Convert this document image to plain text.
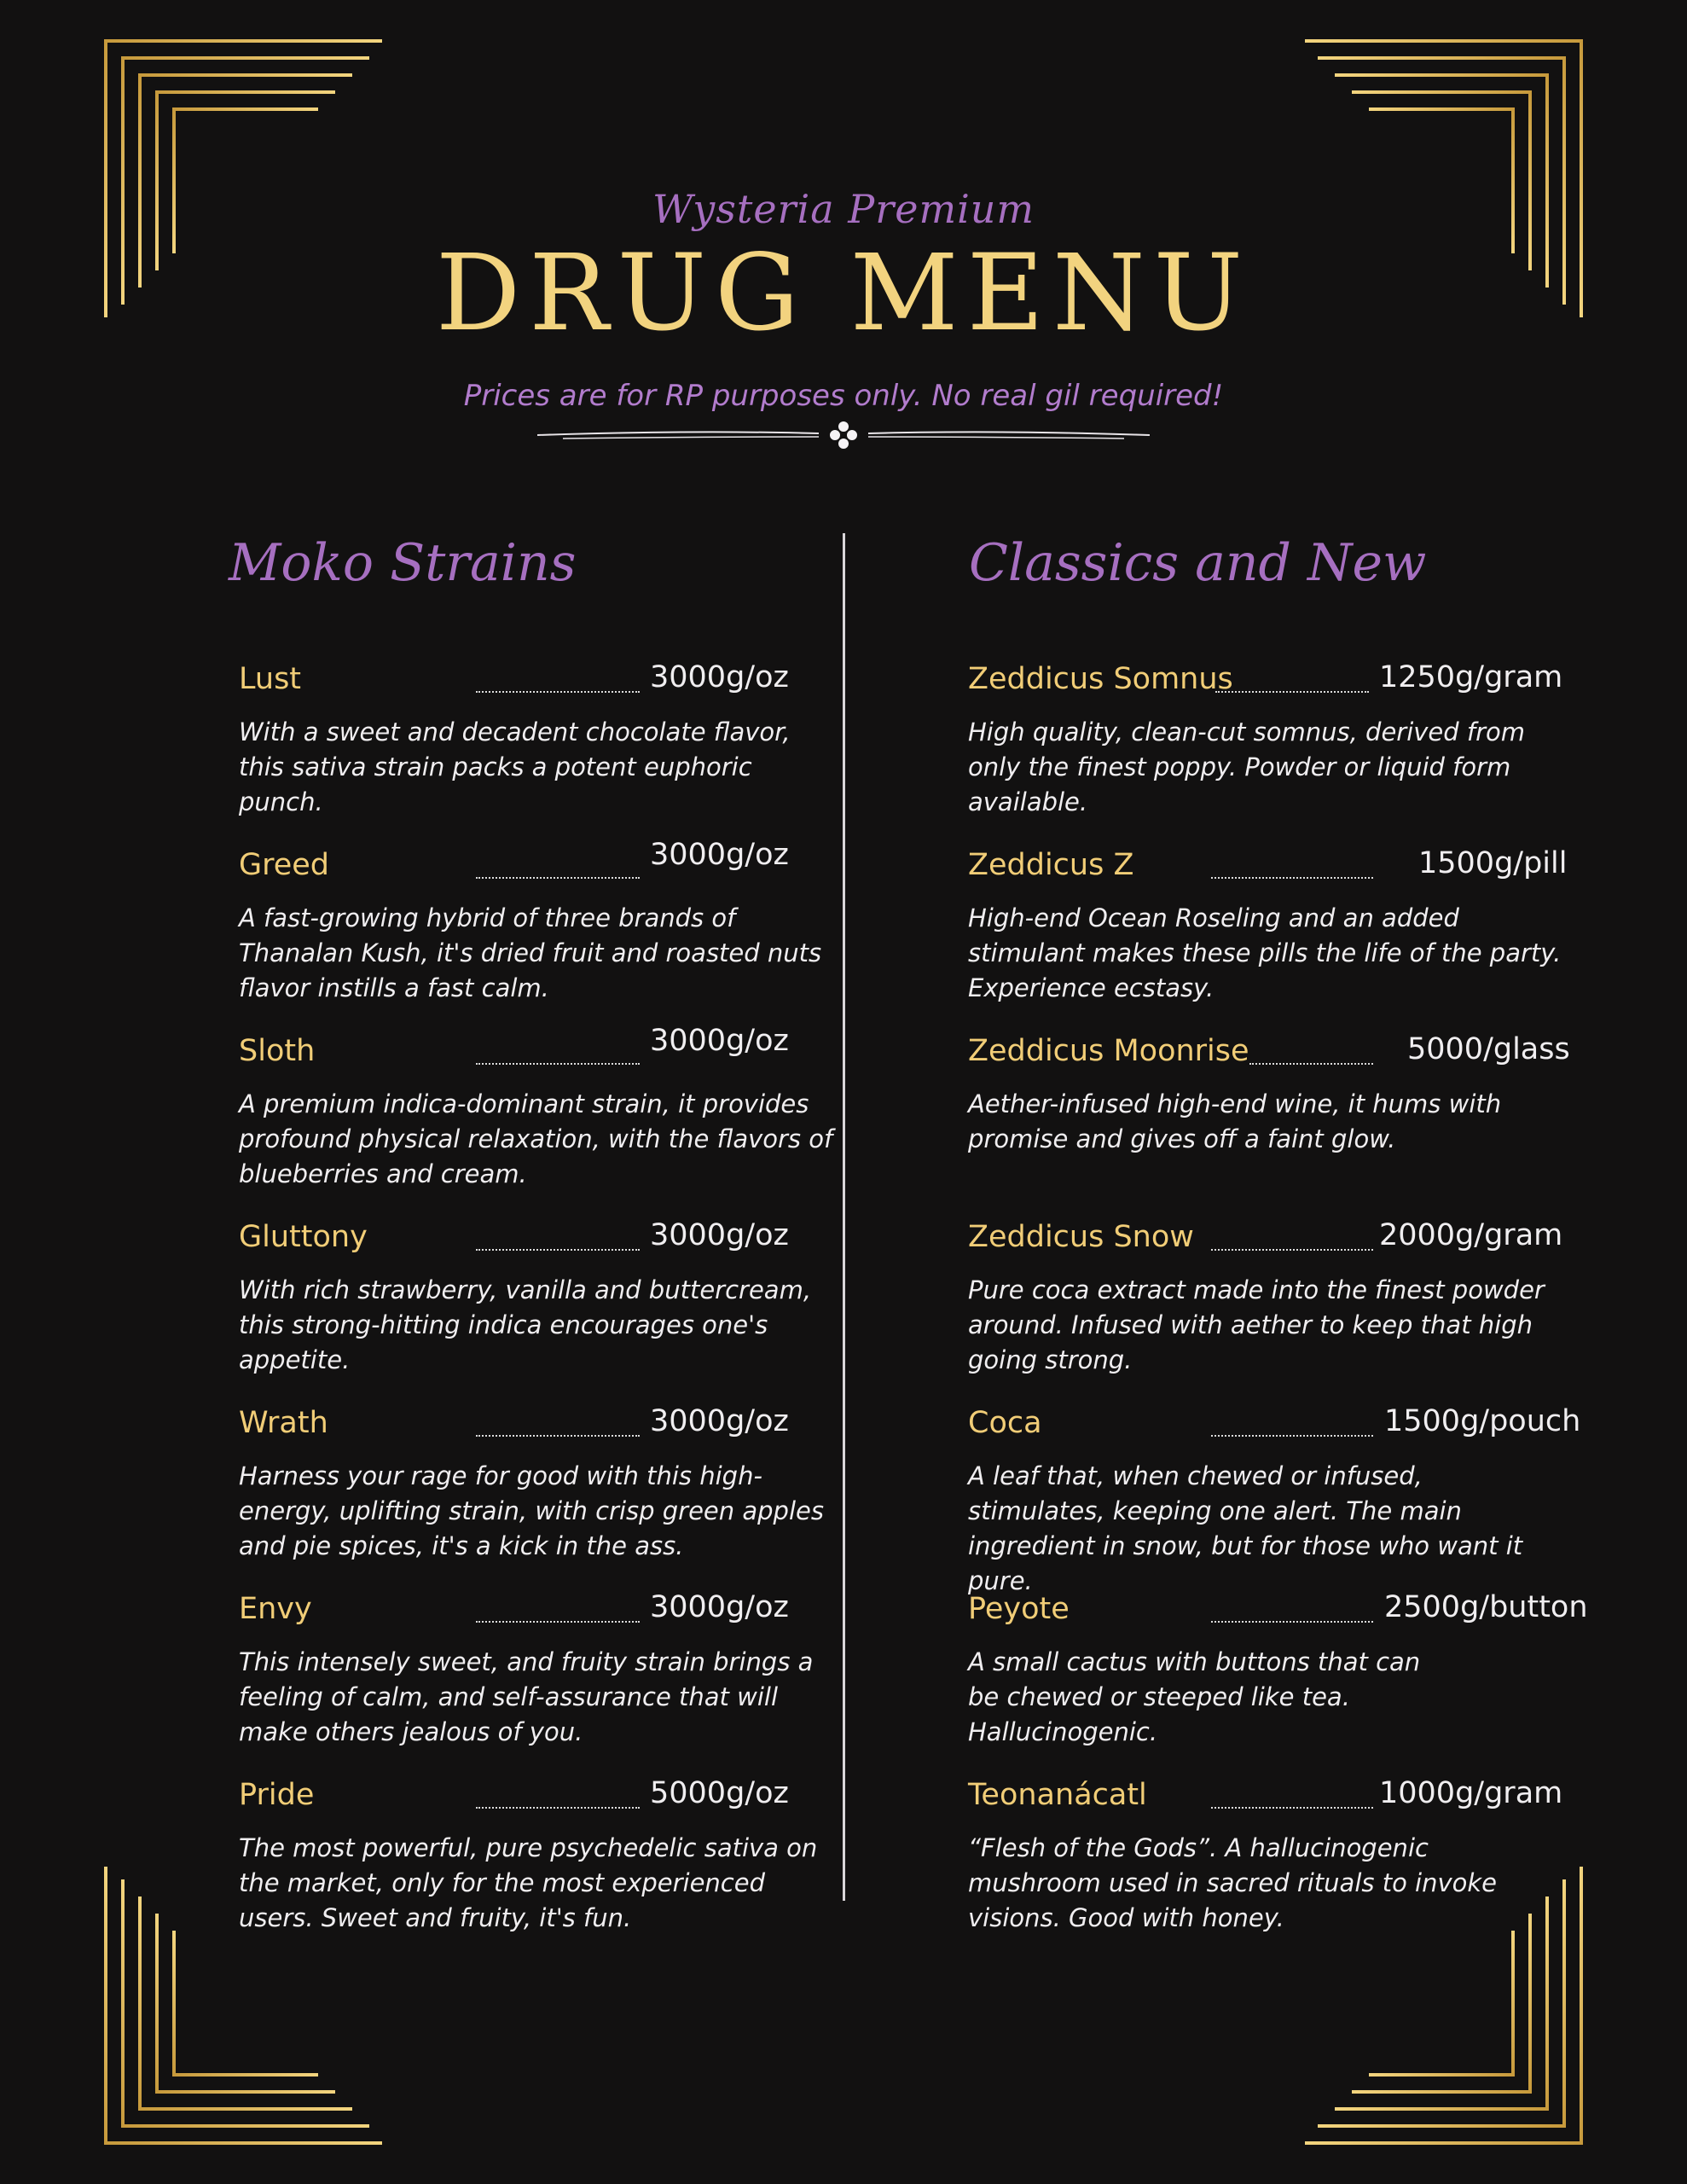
Wysteria Premium
DRUG MENU
Prices are for RP purposes only. No real gil required!
Moko Strains	Classics and New
Lust	3000g/oz
With a sweet and decadent chocolate flavor, this sativa strain packs a potent euphoric punch.
Greed	3000g/oz
A fast-growing hybrid of three brands of Thanalan Kush, it's dried fruit and roasted nuts flavor instills a fast calm.
Sloth	3000g/oz
A premium indica-dominant strain, it provides profound physical relaxation, with the flavors of blueberries and cream.
Gluttony	3000g/oz
With rich strawberry, vanilla and buttercream, this strong-hitting indica encourages one's appetite.
Wrath	3000g/oz
Harness your rage for good with this high-energy, uplifting strain, with crisp green apples and pie spices, it's a kick in the ass.
Envy	3000g/oz
This intensely sweet, and fruity strain brings a feeling of calm, and self-assurance that will make others jealous of you.
Pride	5000g/oz
The most powerful, pure psychedelic sativa on the market, only for the most experienced users. Sweet and fruity, it's fun.
Zeddicus Somnus	1250g/gram
High quality, clean-cut somnus, derived from only the finest poppy. Powder or liquid form available.
Zeddicus Z	1500g/pill
High-end Ocean Roseling and an added stimulant makes these pills the life of the party. Experience ecstasy.
Zeddicus Moonrise	5000/glass
Aether-infused high-end wine, it hums with promise and gives off a faint glow.
Zeddicus Snow	2000g/gram
Pure coca extract made into the finest powder around. Infused with aether to keep that high going strong.
Coca	1500g/pouch
A leaf that, when chewed or infused, stimulates, keeping one alert. The main ingredient in snow, but for those who want it pure.
Peyote	2500g/button
A small cactus with buttons that can be chewed or steeped like tea. Hallucinogenic.
Teonanácatl	1000g/gram
“Flesh of the Gods”. A hallucinogenic mushroom used in sacred rituals to invoke visions. Good with honey.
